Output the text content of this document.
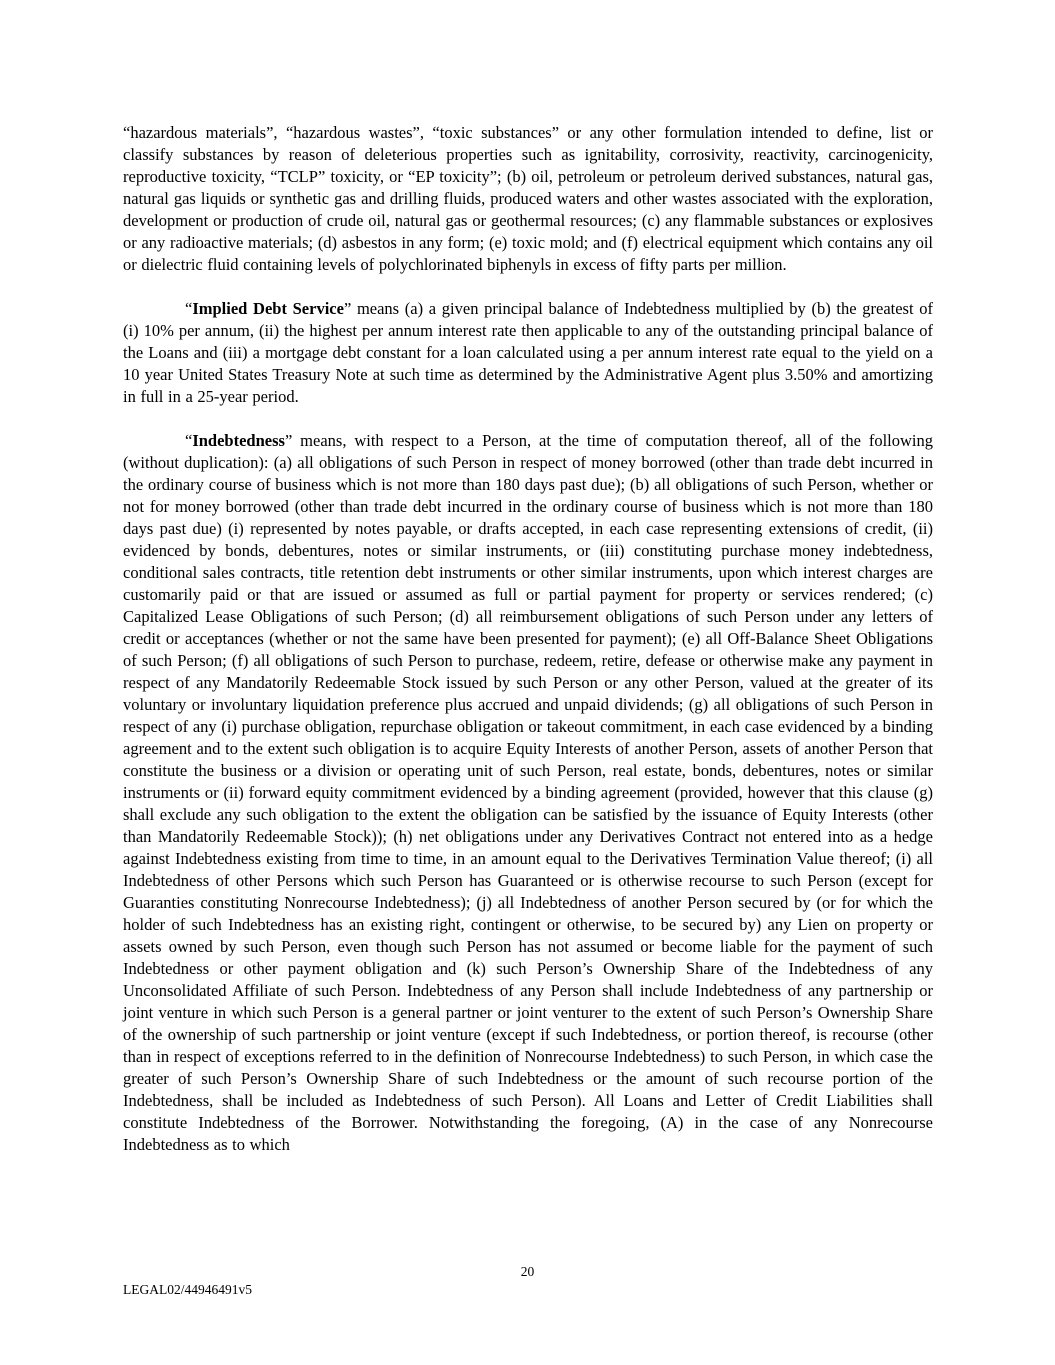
“hazardous materials”, “hazardous wastes”, “toxic substances” or any other formulation intended to define, list or classify substances by reason of deleterious properties such as ignitability, corrosivity, reactivity, carcinogenicity, reproductive toxicity, “TCLP” toxicity, or “EP toxicity”; (b) oil, petroleum or petroleum derived substances, natural gas, natural gas liquids or synthetic gas and drilling fluids, produced waters and other wastes associated with the exploration, development or production of crude oil, natural gas or geothermal resources; (c) any flammable substances or explosives or any radioactive materials; (d) asbestos in any form; (e) toxic mold; and (f) electrical equipment which contains any oil or dielectric fluid containing levels of polychlorinated biphenyls in excess of fifty parts per million.

“Implied Debt Service” means (a) a given principal balance of Indebtedness multiplied by (b) the greatest of (i) 10% per annum, (ii) the highest per annum interest rate then applicable to any of the outstanding principal balance of the Loans and (iii) a mortgage debt constant for a loan calculated using a per annum interest rate equal to the yield on a 10 year United States Treasury Note at such time as determined by the Administrative Agent plus 3.50% and amortizing in full in a 25-year period.

“Indebtedness” means, with respect to a Person, at the time of computation thereof, all of the following (without duplication): (a) all obligations of such Person in respect of money borrowed (other than trade debt incurred in the ordinary course of business which is not more than 180 days past due); (b) all obligations of such Person, whether or not for money borrowed (other than trade debt incurred in the ordinary course of business which is not more than 180 days past due) (i) represented by notes payable, or drafts accepted, in each case representing extensions of credit, (ii) evidenced by bonds, debentures, notes or similar instruments, or (iii) constituting purchase money indebtedness, conditional sales contracts, title retention debt instruments or other similar instruments, upon which interest charges are customarily paid or that are issued or assumed as full or partial payment for property or services rendered; (c) Capitalized Lease Obligations of such Person; (d) all reimbursement obligations of such Person under any letters of credit or acceptances (whether or not the same have been presented for payment); (e) all Off-Balance Sheet Obligations of such Person; (f) all obligations of such Person to purchase, redeem, retire, defease or otherwise make any payment in respect of any Mandatorily Redeemable Stock issued by such Person or any other Person, valued at the greater of its voluntary or involuntary liquidation preference plus accrued and unpaid dividends; (g) all obligations of such Person in respect of any (i) purchase obligation, repurchase obligation or takeout commitment, in each case evidenced by a binding agreement and to the extent such obligation is to acquire Equity Interests of another Person, assets of another Person that constitute the business or a division or operating unit of such Person, real estate, bonds, debentures, notes or similar instruments or (ii) forward equity commitment evidenced by a binding agreement (provided, however that this clause (g) shall exclude any such obligation to the extent the obligation can be satisfied by the issuance of Equity Interests (other than Mandatorily Redeemable Stock)); (h) net obligations under any Derivatives Contract not entered into as a hedge against Indebtedness existing from time to time, in an amount equal to the Derivatives Termination Value thereof; (i) all Indebtedness of other Persons which such Person has Guaranteed or is otherwise recourse to such Person (except for Guaranties constituting Nonrecourse Indebtedness); (j) all Indebtedness of another Person secured by (or for which the holder of such Indebtedness has an existing right, contingent or otherwise, to be secured by) any Lien on property or assets owned by such Person, even though such Person has not assumed or become liable for the payment of such Indebtedness or other payment obligation and (k) such Person’s Ownership Share of the Indebtedness of any Unconsolidated Affiliate of such Person. Indebtedness of any Person shall include Indebtedness of any partnership or joint venture in which such Person is a general partner or joint venturer to the extent of such Person’s Ownership Share of the ownership of such partnership or joint venture (except if such Indebtedness, or portion thereof, is recourse (other than in respect of exceptions referred to in the definition of Nonrecourse Indebtedness) to such Person, in which case the greater of such Person’s Ownership Share of such Indebtedness or the amount of such recourse portion of the Indebtedness, shall be included as Indebtedness of such Person). All Loans and Letter of Credit Liabilities shall constitute Indebtedness of the Borrower. Notwithstanding the foregoing, (A) in the case of any Nonrecourse Indebtedness as to which

20
LEGAL02/44946491v5
